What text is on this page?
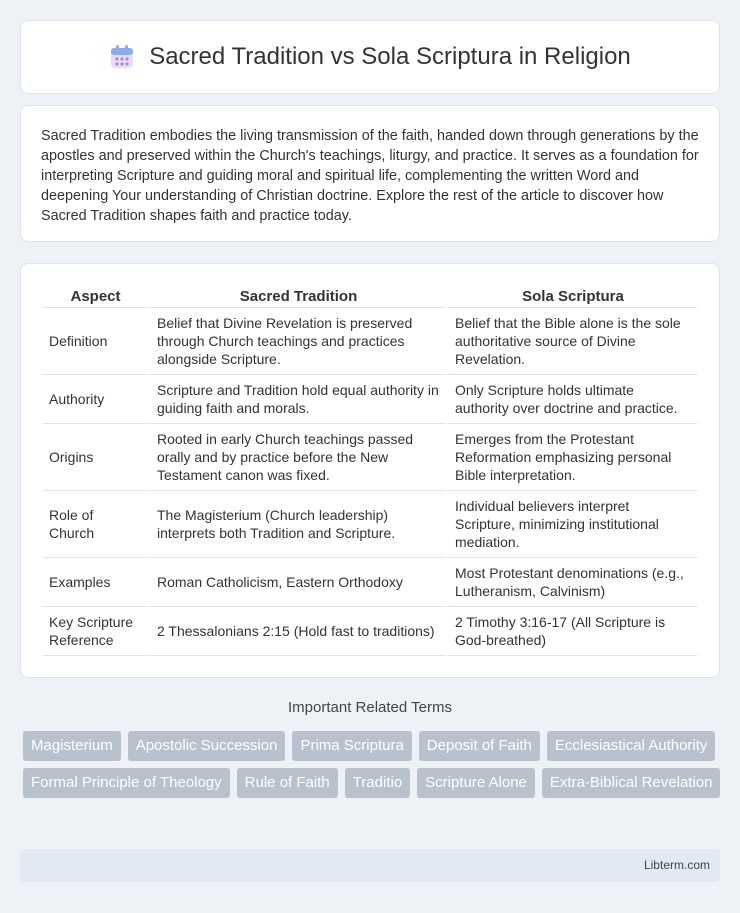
Sacred Tradition vs Sola Scriptura in Religion

Sacred Tradition embodies the living transmission of the faith, handed down through generations by the apostles and preserved within the Church's teachings, liturgy, and practice. It serves as a foundation for interpreting Scripture and guiding moral and spiritual life, complementing the written Word and deepening Your understanding of Christian doctrine. Explore the rest of the article to discover how Sacred Tradition shapes faith and practice today.

Aspect	Sacred Tradition	Sola Scriptura
Definition	Belief that Divine Revelation is preserved through Church teachings and practices alongside Scripture.	Belief that the Bible alone is the sole authoritative source of Divine Revelation.
Authority	Scripture and Tradition hold equal authority in guiding faith and morals.	Only Scripture holds ultimate authority over doctrine and practice.
Origins	Rooted in early Church teachings passed orally and by practice before the New Testament canon was fixed.	Emerges from the Protestant Reformation emphasizing personal Bible interpretation.
Role of Church	The Magisterium (Church leadership) interprets both Tradition and Scripture.	Individual believers interpret Scripture, minimizing institutional mediation.
Examples	Roman Catholicism, Eastern Orthodoxy	Most Protestant denominations (e.g., Lutheranism, Calvinism)
Key Scripture Reference	2 Thessalonians 2:15 (Hold fast to traditions)	2 Timothy 3:16-17 (All Scripture is God-breathed)
Important Related Terms
Magisterium	Apostolic Succession	Prima Scriptura	Deposit of Faith	Ecclesiastical Authority
Formal Principle of Theology	Rule of Faith	Traditio	Scripture Alone	Extra-Biblical Revelation
Libterm.com
